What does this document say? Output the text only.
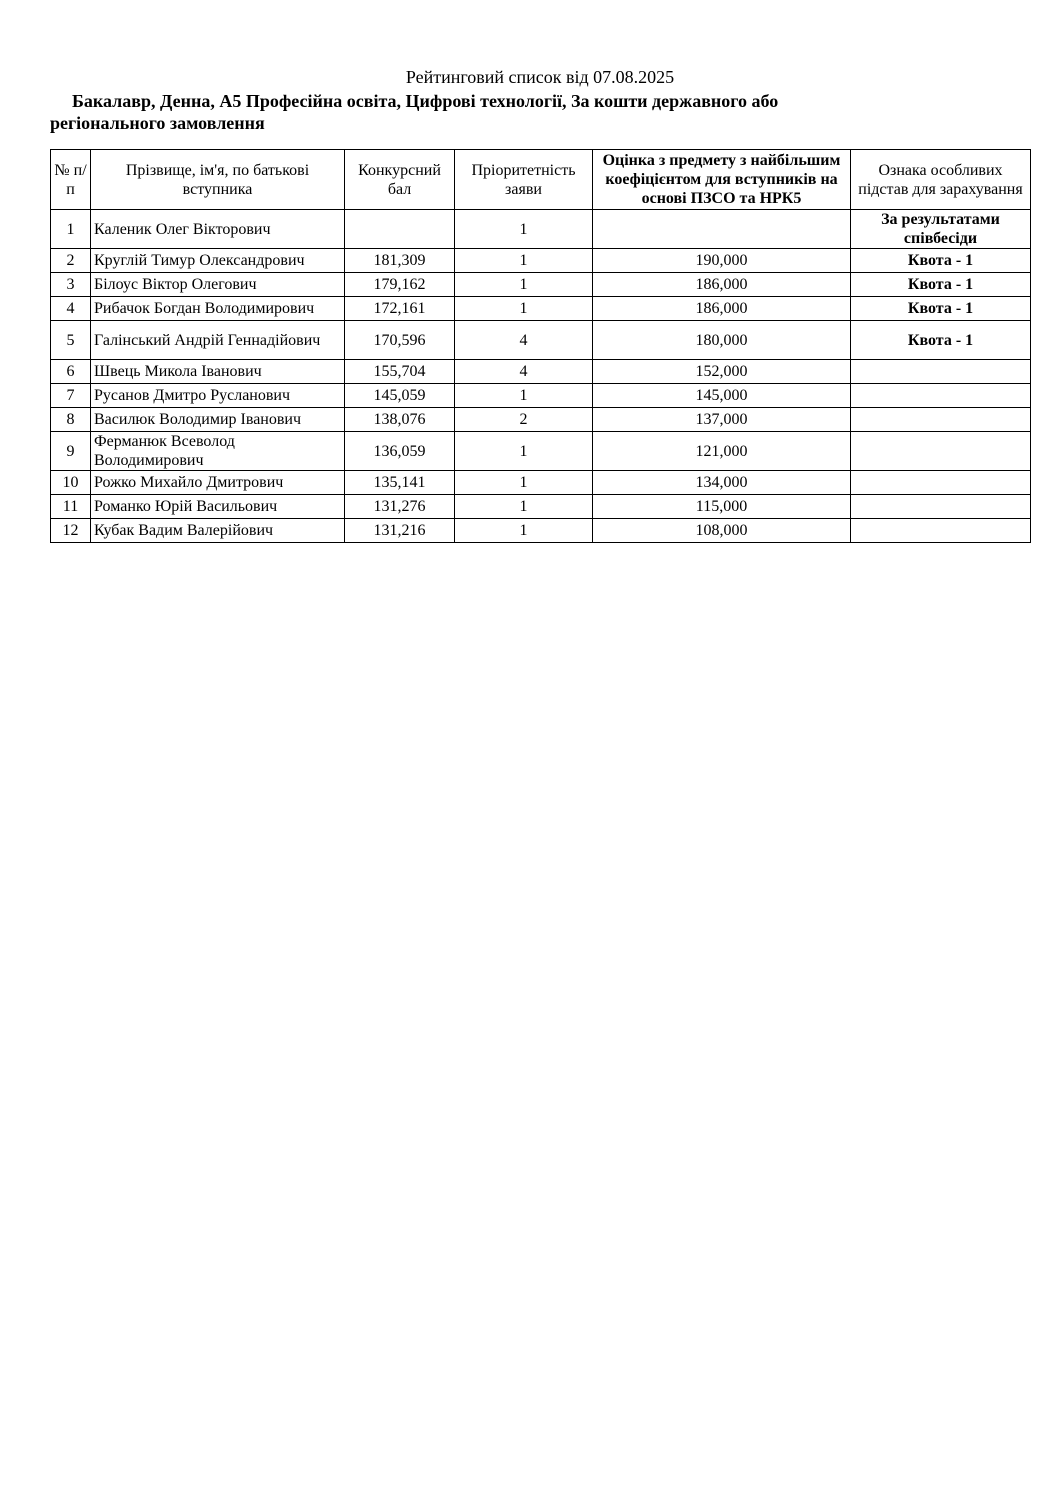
Рейтинговий список від 07.08.2025
Бакалавр, Денна, А5 Професійна освіта, Цифрові технології, За кошти державного або
регіонального замовлення
№ п/п	Прізвище, ім'я, по батькові вступника	Конкурсний бал	Пріоритетність заяви	Оцінка з предмету з найбільшим коефіцієнтом для вступників на основі ПЗСО та НРК5	Ознака особливих підстав для зарахування
1	Каленик Олег Вікторович		1		За результатами співбесіди
2	Круглій Тимур Олександрович	181,309	1	190,000	Квота - 1
3	Білоус Віктор Олегович	179,162	1	186,000	Квота - 1
4	Рибачок Богдан Володимирович	172,161	1	186,000	Квота - 1
5	Галінський Андрій Геннадійович	170,596	4	180,000	Квота - 1
6	Швець Микола Іванович	155,704	4	152,000	
7	Русанов Дмитро Русланович	145,059	1	145,000	
8	Василюк Володимир Іванович	138,076	2	137,000	
9	Ферманюк Всеволод Володимирович	136,059	1	121,000	
10	Рожко Михайло Дмитрович	135,141	1	134,000	
11	Романко Юрій Васильович	131,276	1	115,000	
12	Кубак Вадим Валерійович	131,216	1	108,000	
